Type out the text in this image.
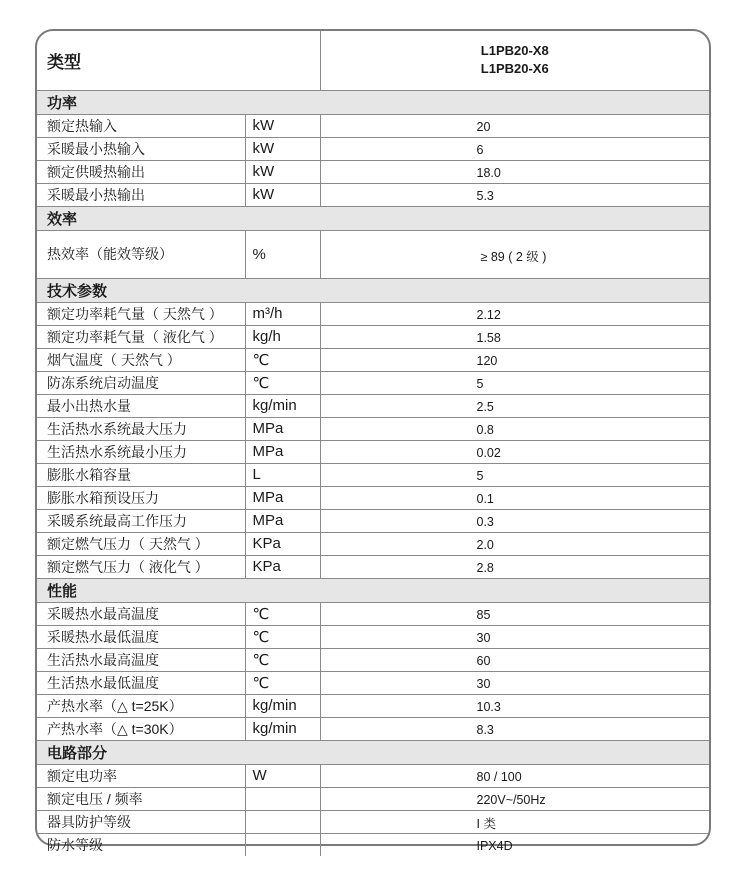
类型		L1PB20-X8
L1PB20-X6

功率		
额定热输入	kW	20
采暖最小热输入	kW	6
额定供暖热输出	kW	18.0
采暖最小热输出	kW	5.3
效率		
热效率（能效等级）	%	≥ 89 ( 2 级 )
技术参数		
额定功率耗气量（ 天然气 ）	m³/h	2.12
额定功率耗气量（ 液化气 ）	kg/h	1.58
烟气温度（ 天然气 ）	℃	120
防冻系统启动温度	℃	5
最小出热水量	kg/min	2.5
生活热水系统最大压力	MPa	0.8
生活热水系统最小压力	MPa	0.02
膨胀水箱容量	L	5
膨胀水箱预设压力	MPa	0.1
采暖系统最高工作压力	MPa	0.3
额定燃气压力（ 天然气 ）	KPa	2.0
额定燃气压力（ 液化气 ）	KPa	2.8
性能		
采暖热水最高温度	℃	85
采暖热水最低温度	℃	30
生活热水最高温度	℃	60
生活热水最低温度	℃	30
产热水率（△ t=25K）	kg/min	10.3
产热水率（△ t=30K）	kg/min	8.3
电路部分		
额定电功率	W	80 / 100
额定电压 / 频率		220V~/50Hz
器具防护等级		I 类
防水等级		IPX4D
